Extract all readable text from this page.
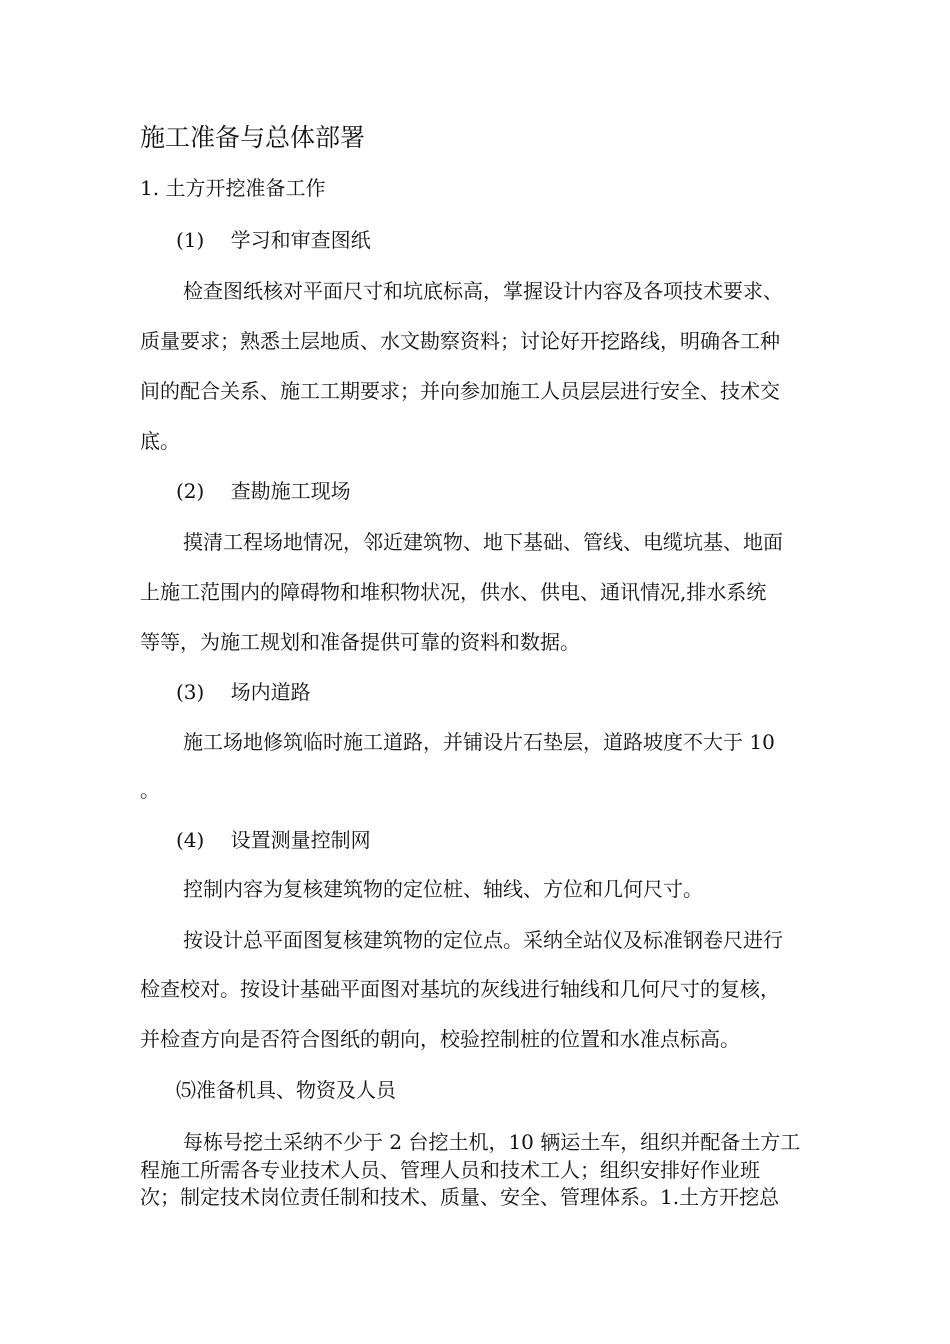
施工准备与总体部署
1. 土方开挖准备工作
(1)　 学习和审查图纸
检查图纸核对平面尺寸和坑底标高，掌握设计内容及各项技术要求、
质量要求；熟悉土层地质、水文勘察资料；讨论好开挖路线，明确各工种
间的配合关系、施工工期要求；并向参加施工人员层层进行安全、技术交
底。
(2)　 查勘施工现场
摸清工程场地情况，邻近建筑物、地下基础、管线、电缆坑基、地面
上施工范围内的障碍物和堆积物状况，供水、供电、通讯情况,排水系统
等等，为施工规划和准备提供可靠的资料和数据。
(3)　 场内道路
施工场地修筑临时施工道路，并铺设片石垫层，道路坡度不大于 10
。
(4)　 设置测量控制网
控制内容为复核建筑物的定位桩、轴线、方位和几何尺寸。
按设计总平面图复核建筑物的定位点。采纳全站仪及标准钢卷尺进行
检查校对。按设计基础平面图对基坑的灰线进行轴线和几何尺寸的复核，
并检查方向是否符合图纸的朝向，校验控制桩的位置和水准点标高。
⑸准备机具、物资及人员
每栋号挖土采纳不少于 2 台挖土机，10 辆运土车，组织并配备土方工
程施工所需各专业技术人员、管理人员和技术工人；组织安排好作业班
次；制定技术岗位责任制和技术、质量、安全、管理体系。1.土方开挖总
